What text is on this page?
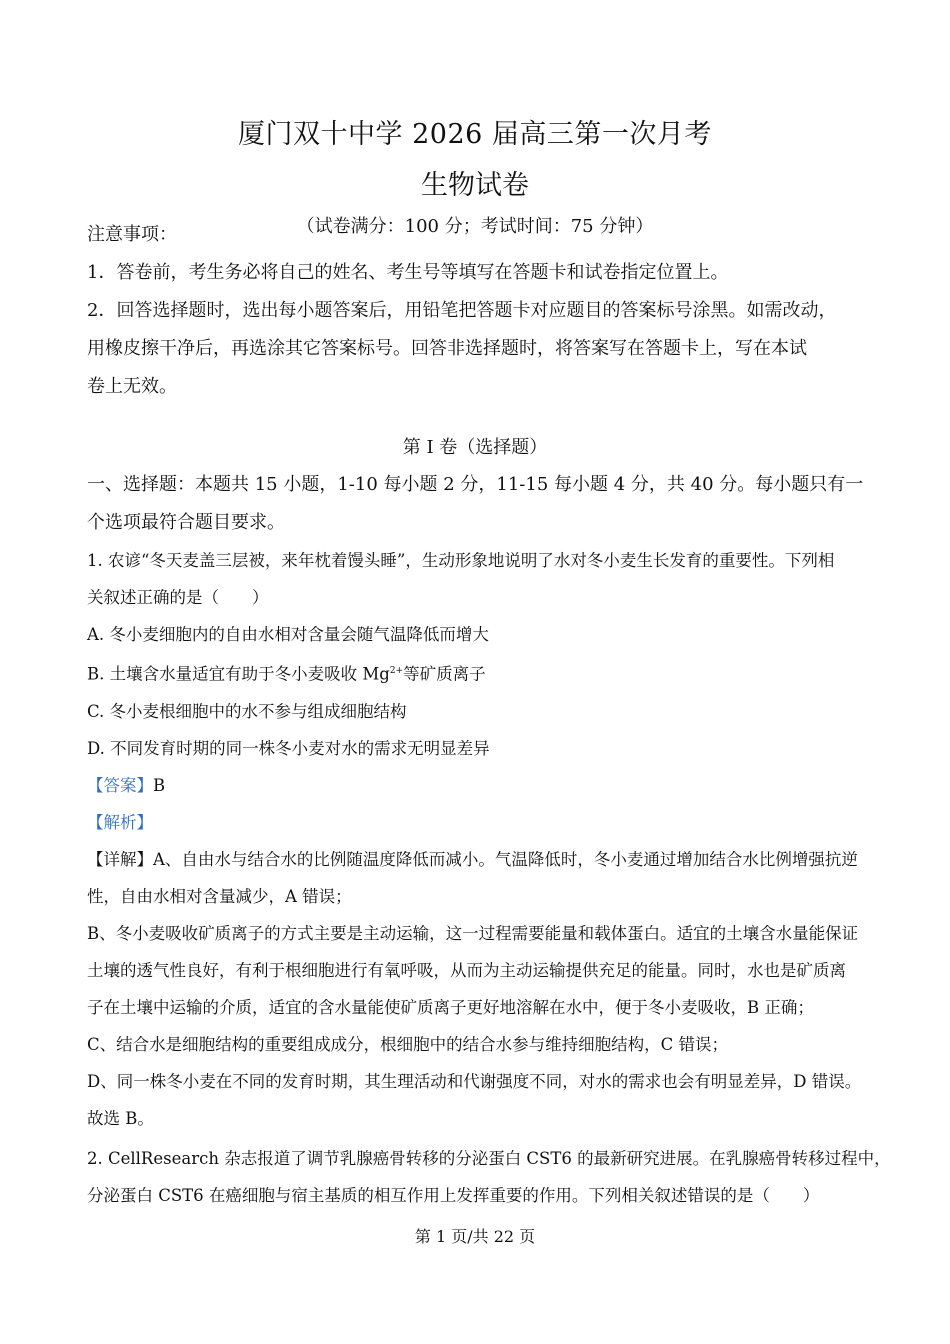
厦门双十中学 2026 届高三第一次月考
生物试卷
（试卷满分：100 分；考试时间：75 分钟）
注意事项：
1．答卷前，考生务必将自己的姓名、考生号等填写在答题卡和试卷指定位置上。
2．回答选择题时，选出每小题答案后，用铅笔把答题卡对应题目的答案标号涂黑。如需改动，
用橡皮擦干净后，再选涂其它答案标号。回答非选择题时，将答案写在答题卡上，写在本试
卷上无效。
第 I 卷（选择题）
一、选择题：本题共 15 小题，1-10 每小题 2 分，11-15 每小题 4 分，共 40 分。每小题只有一
个选项最符合题目要求。
1. 农谚“冬天麦盖三层被，来年枕着馒头睡”，生动形象地说明了水对冬小麦生长发育的重要性。下列相
关叙述正确的是（　　）
A. 冬小麦细胞内的自由水相对含量会随气温降低而增大
B. 土壤含水量适宜有助于冬小麦吸收 $Mg^{2+}$等矿质离子
C. 冬小麦根细胞中的水不参与组成细胞结构
D. 不同发育时期的同一株冬小麦对水的需求无明显差异
【答案】B
【解析】
【详解】A、自由水与结合水的比例随温度降低而减小。气温降低时，冬小麦通过增加结合水比例增强抗逆
性，自由水相对含量减少，A 错误；
B、冬小麦吸收矿质离子的方式主要是主动运输，这一过程需要能量和载体蛋白。适宜的土壤含水量能保证
土壤的透气性良好，有利于根细胞进行有氧呼吸，从而为主动运输提供充足的能量。同时，水也是矿质离
子在土壤中运输的介质，适宜的含水量能使矿质离子更好地溶解在水中，便于冬小麦吸收，B 正确；
C、结合水是细胞结构的重要组成成分，根细胞中的结合水参与维持细胞结构，C 错误；
D、同一株冬小麦在不同的发育时期，其生理活动和代谢强度不同，对水的需求也会有明显差异，D 错误。
故选 B。
2. CellResearch 杂志报道了调节乳腺癌骨转移的分泌蛋白 CST6 的最新研究进展。在乳腺癌骨转移过程中，
分泌蛋白 CST6 在癌细胞与宿主基质的相互作用上发挥重要的作用。下列相关叙述错误的是（　　）
第 1 页/共 22 页
